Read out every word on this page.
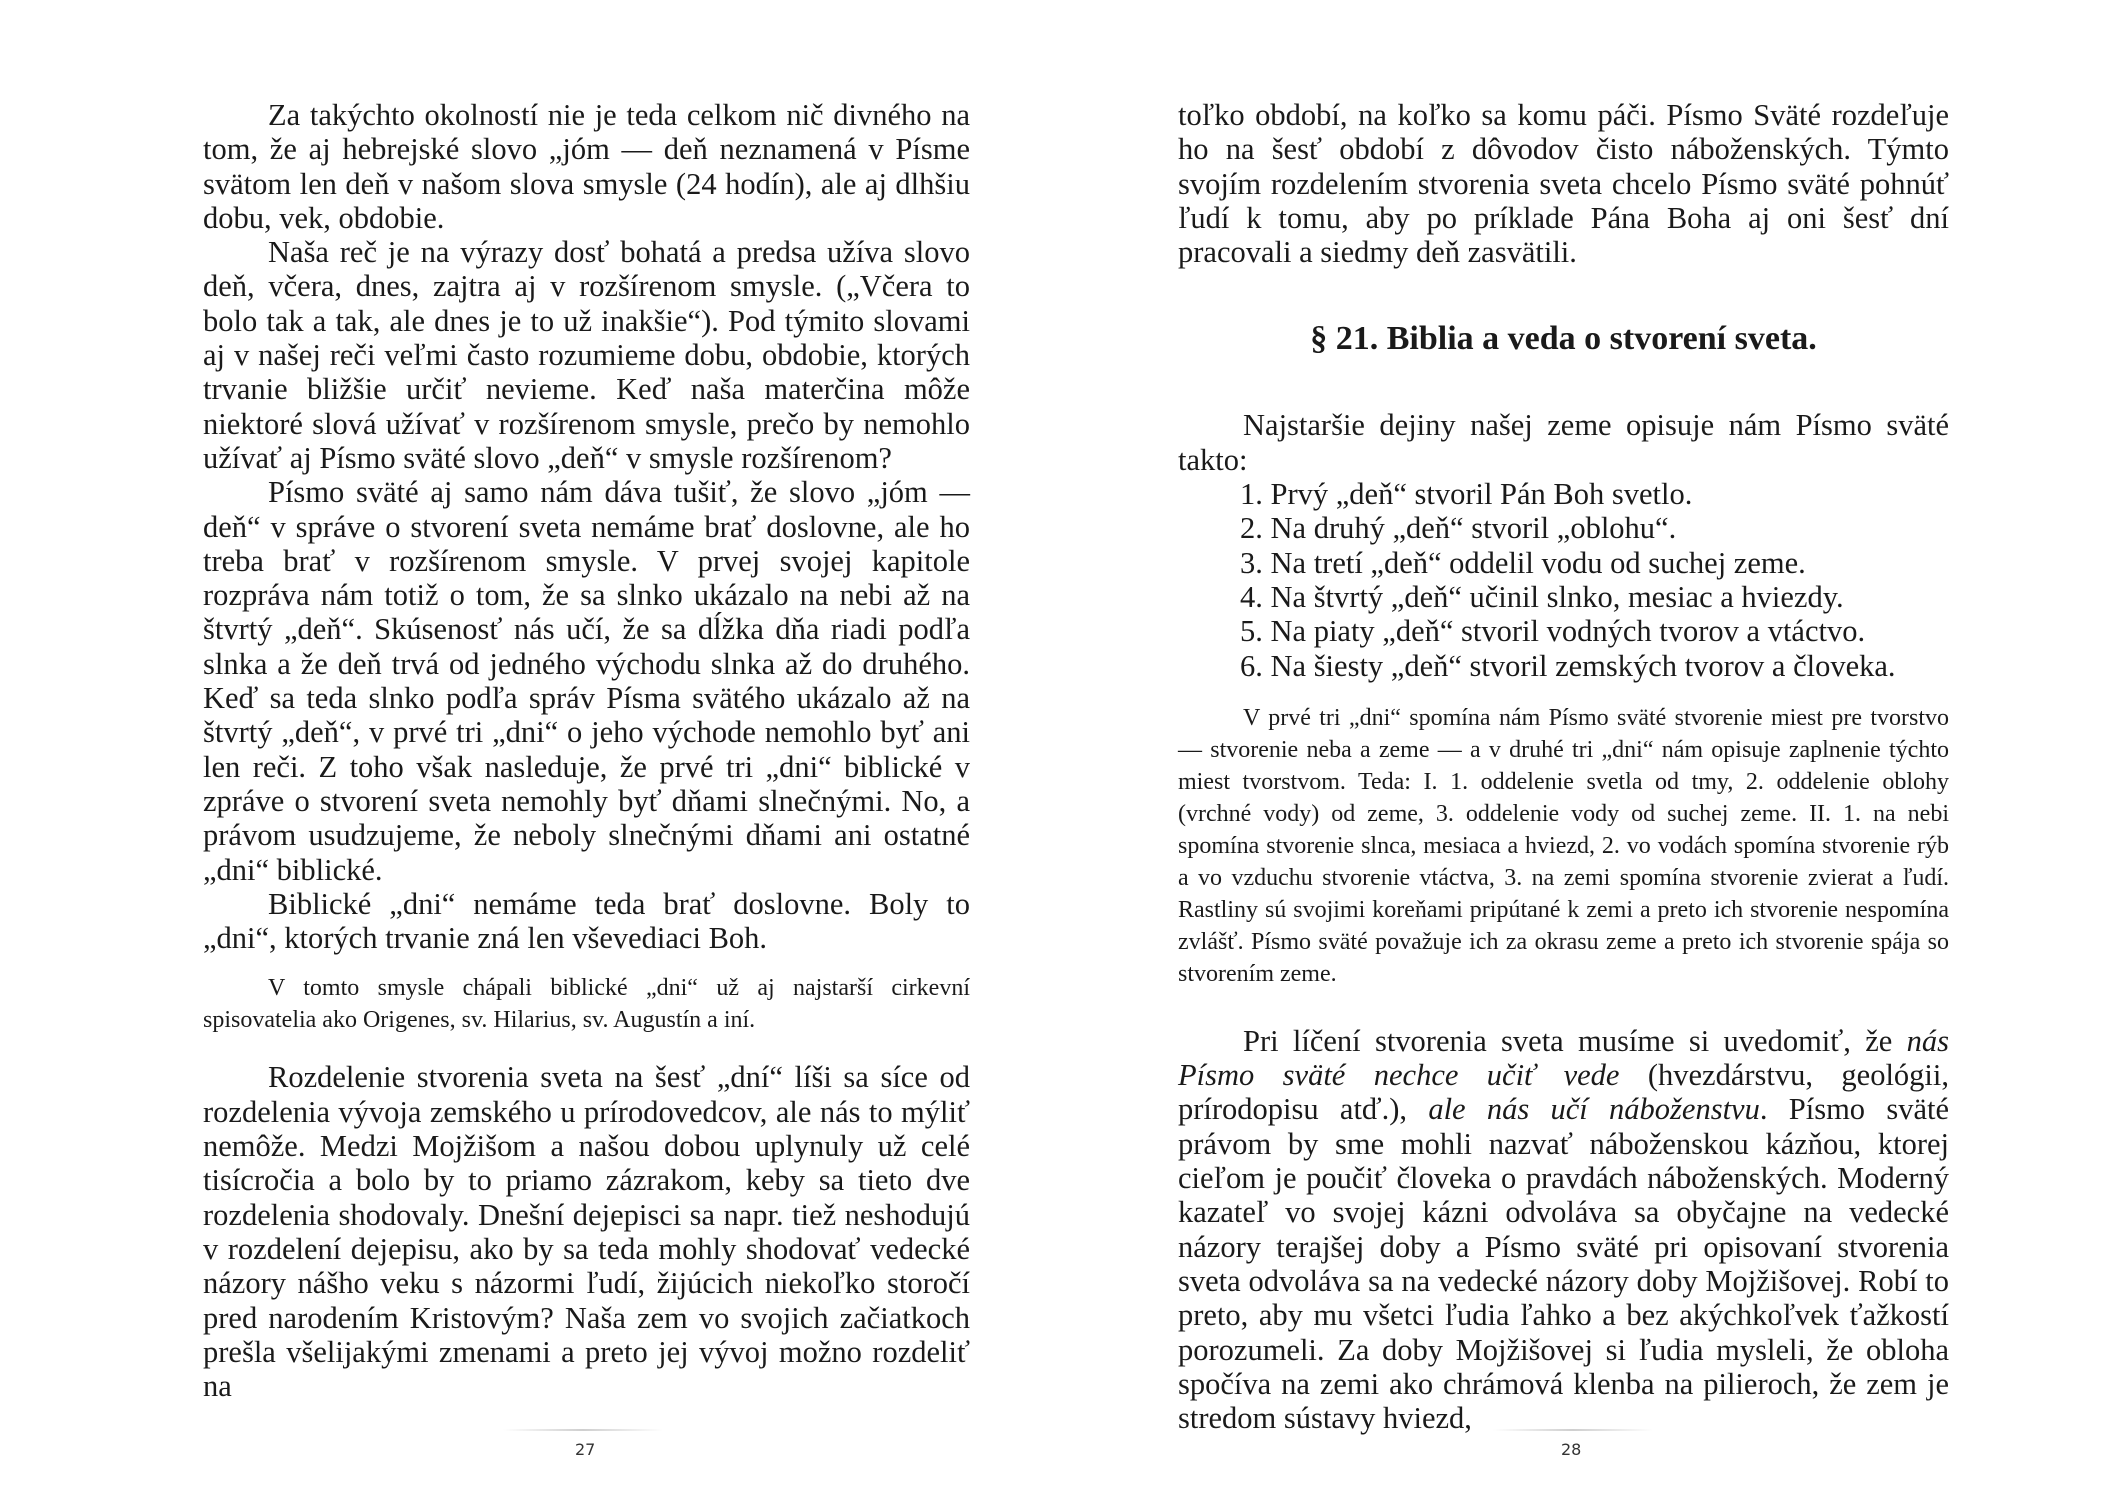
Za takýchto okolností nie je teda celkom nič divného na tom, že aj hebrejské slovo „jóm — deň neznamená v Písme svätom len deň v našom slova smysle (24 hodín), ale aj dlhšiu dobu, vek, obdobie.

Naša reč je na výrazy dosť bohatá a predsa užíva slovo deň, včera, dnes, zajtra aj v rozšírenom smysle. („Včera to bolo tak a tak, ale dnes je to už inakšie“). Pod týmito slovami aj v našej reči veľmi často rozumieme dobu, obdobie, ktorých trvanie bližšie určiť nevieme. Keď naša materčina môže niektoré slová užívať v rozšírenom smysle, prečo by nemohlo užívať aj Písmo sväté slovo „deň“ v smysle rozšírenom?

Písmo sväté aj samo nám dáva tušiť, že slovo „jóm — deň“ v správe o stvorení sveta nemáme brať doslovne, ale ho treba brať v rozšírenom smysle. V prvej svojej kapitole rozpráva nám totiž o tom, že sa slnko ukázalo na nebi až na štvrtý „deň“. Skúsenosť nás učí, že sa dĺžka dňa riadi podľa slnka a že deň trvá od jedného východu slnka až do druhého. Keď sa teda slnko podľa správ Písma svätého ukázalo až na štvrtý „deň“, v prvé tri „dni“ o jeho východe nemohlo byť ani len reči. Z toho však nasleduje, že prvé tri „dni“ biblické v zpráve o stvorení sveta nemohly byť dňami slnečnými. No, a právom usudzujeme, že neboly slnečnými dňami ani ostatné „dni“ biblické.

Biblické „dni“ nemáme teda brať doslovne. Boly to „dni“, ktorých trvanie zná len vševediaci Boh.

V tomto smysle chápali biblické „dni“ už aj najstarší cirkevní spisovatelia ako Origenes, sv. Hilarius, sv. Augustín a iní.

Rozdelenie stvorenia sveta na šesť „dní“ líši sa síce od rozdelenia vývoja zemského u prírodovedcov, ale nás to mýliť nemôže. Medzi Mojžišom a našou dobou uplynuly už celé tisícročia a bolo by to priamo zázrakom, keby sa tieto dve rozdelenia shodovaly. Dnešní dejepisci sa napr. tiež neshodujú v rozdelení dejepisu, ako by sa teda mohly shodovať vedecké názory nášho veku s názormi ľudí, žijúcich niekoľko storočí pred narodením Kristovým? Naša zem vo svojich začiatkoch prešla všelijakými zmenami a preto jej vývoj možno rozdeliť na

27

toľko období, na koľko sa komu páči. Písmo Sväté rozdeľuje ho na šesť období z dôvodov čisto náboženských. Týmto svojím rozdelením stvorenia sveta chcelo Písmo sväté pohnúť ľudí k tomu, aby po príklade Pána Boha aj oni šesť dní pracovali a siedmy deň zasvätili.

§ 21. Biblia a veda o stvorení sveta.

Najstaršie dejiny našej zeme opisuje nám Písmo sväté takto:

1. Prvý „deň“ stvoril Pán Boh svetlo.
2. Na druhý „deň“ stvoril „oblohu“.
3. Na tretí „deň“ oddelil vodu od suchej zeme.
4. Na štvrtý „deň“ učinil slnko, mesiac a hviezdy.
5. Na piaty „deň“ stvoril vodných tvorov a vtáctvo.
6. Na šiesty „deň“ stvoril zemských tvorov a človeka.

V prvé tri „dni“ spomína nám Písmo sväté stvorenie miest pre tvorstvo — stvorenie neba a zeme — a v druhé tri „dni“ nám opisuje zaplnenie týchto miest tvorstvom. Teda: I. 1. oddelenie svetla od tmy, 2. oddelenie oblohy (vrchné vody) od zeme, 3. oddelenie vody od suchej zeme. II. 1. na nebi spomína stvorenie slnca, mesiaca a hviezd, 2. vo vodách spomína stvorenie rýb a vo vzduchu stvorenie vtáctva, 3. na zemi spomína stvorenie zvierat a ľudí. Rastliny sú svojimi koreňami pripútané k zemi a preto ich stvorenie nespomína zvlášť. Písmo sväté považuje ich za okrasu zeme a preto ich stvorenie spája so stvorením zeme.

Pri líčení stvorenia sveta musíme si uvedomiť, že nás Písmo sväté nechce učiť vede (hvezdárstvu, geológii, prírodopisu atď.), ale nás učí náboženstvu. Písmo sväté právom by sme mohli nazvať náboženskou kázňou, ktorej cieľom je poučiť človeka o pravdách náboženských. Moderný kazateľ vo svojej kázni odvoláva sa obyčajne na vedecké názory terajšej doby a Písmo sväté pri opisovaní stvorenia sveta odvoláva sa na vedecké názory doby Mojžišovej. Robí to preto, aby mu všetci ľudia ľahko a bez akýchkoľvek ťažkostí porozumeli. Za doby Mojžišovej si ľudia mysleli, že obloha spočíva na zemi ako chrámová klenba na pilieroch, že zem je stredom sústavy hviezd,

28
